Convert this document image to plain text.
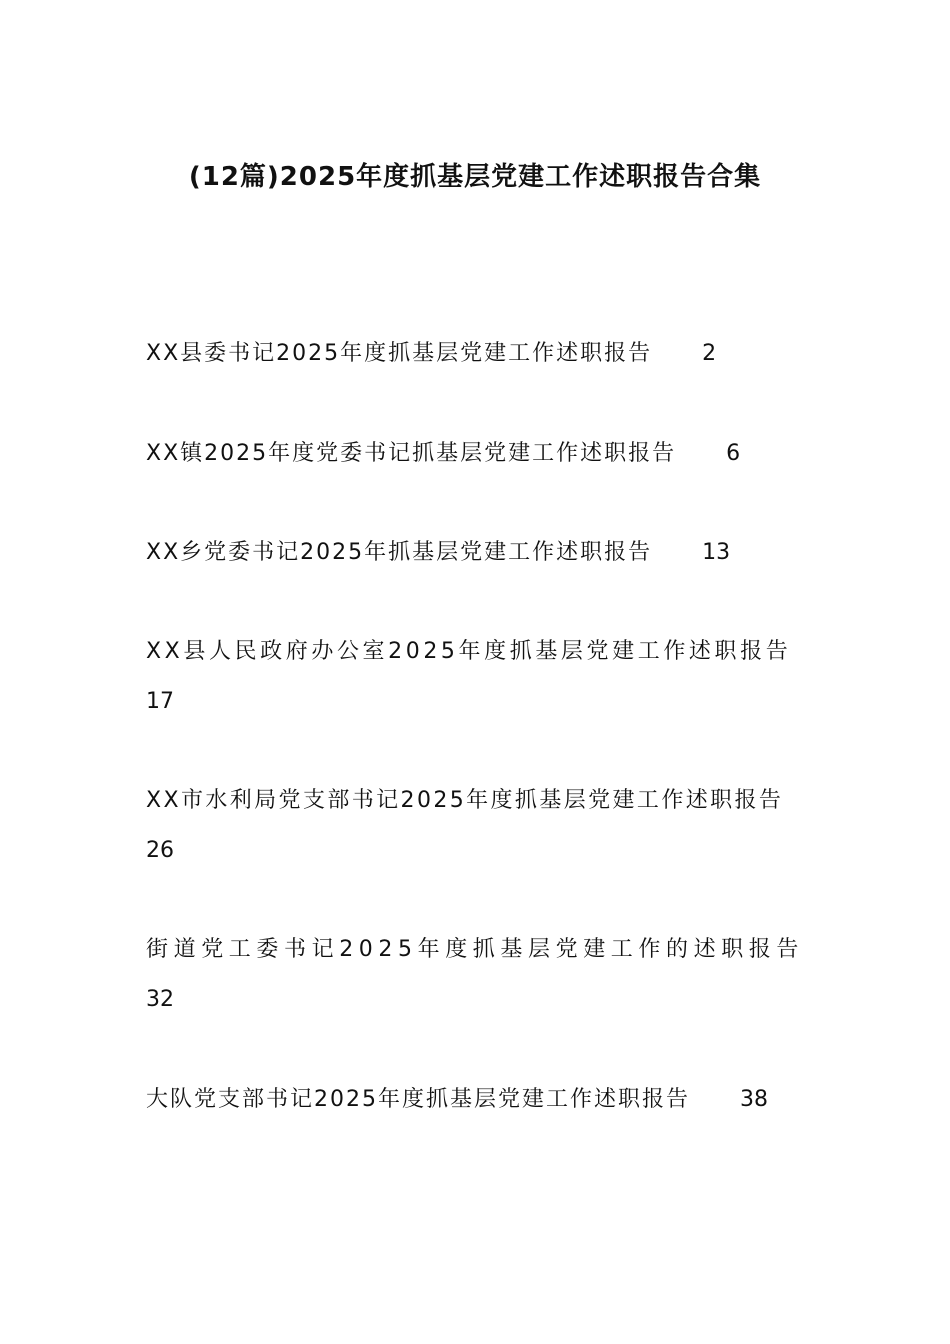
(12篇)2025年度抓基层党建工作述职报告合集
XX县委书记2025年度抓基层党建工作述职报告 2
XX镇2025年度党委书记抓基层党建工作述职报告 6
XX乡党委书记2025年抓基层党建工作述职报告 13
XX县人民政府办公室2025年度抓基层党建工作述职报告
17
XX市水利局党支部书记2025年度抓基层党建工作述职报告
26
街道党工委书记2025年度抓基层党建工作的述职报告
32
大队党支部书记2025年度抓基层党建工作述职报告 38
